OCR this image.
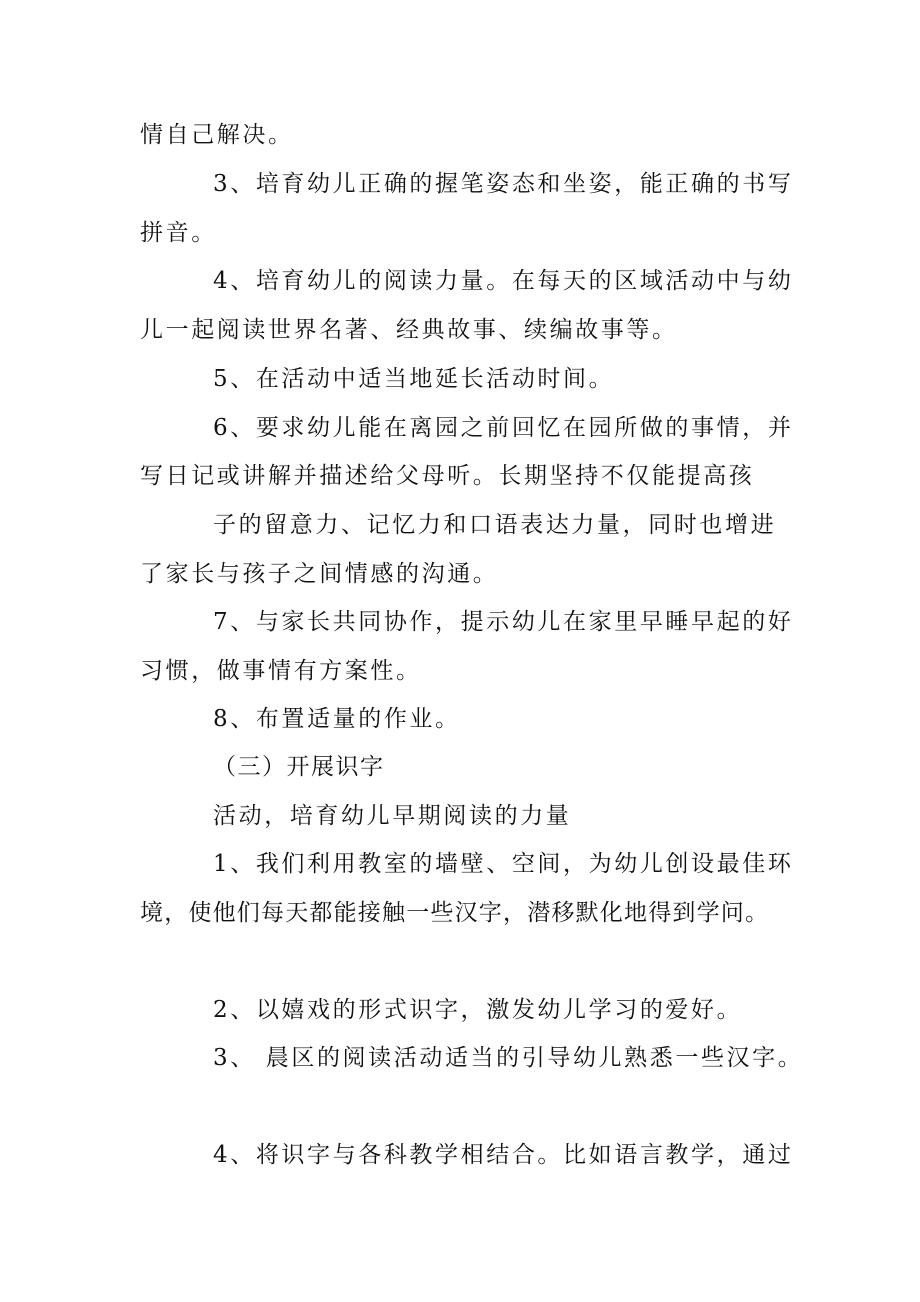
情自己解决。
3、培育幼儿正确的握笔姿态和坐姿，能正确的书写
拼音。
4、培育幼儿的阅读力量。在每天的区域活动中与幼
儿一起阅读世界名著、经典故事、续编故事等。
5、在活动中适当地延长活动时间。
6、要求幼儿能在离园之前回忆在园所做的事情，并
写日记或讲解并描述给父母听。长期坚持不仅能提高孩
子的留意力、记忆力和口语表达力量，同时也增进
了家长与孩子之间情感的沟通。
7、与家长共同协作，提示幼儿在家里早睡早起的好
习惯，做事情有方案性。
8、布置适量的作业。
（三）开展识字
活动，培育幼儿早期阅读的力量
1、我们利用教室的墙壁、空间，为幼儿创设最佳环
境，使他们每天都能接触一些汉字，潜移默化地得到学问。
2、以嬉戏的形式识字，激发幼儿学习的爱好。
3、 晨区的阅读活动适当的引导幼儿熟悉一些汉字。
4、将识字与各科教学相结合。比如语言教学，通过
